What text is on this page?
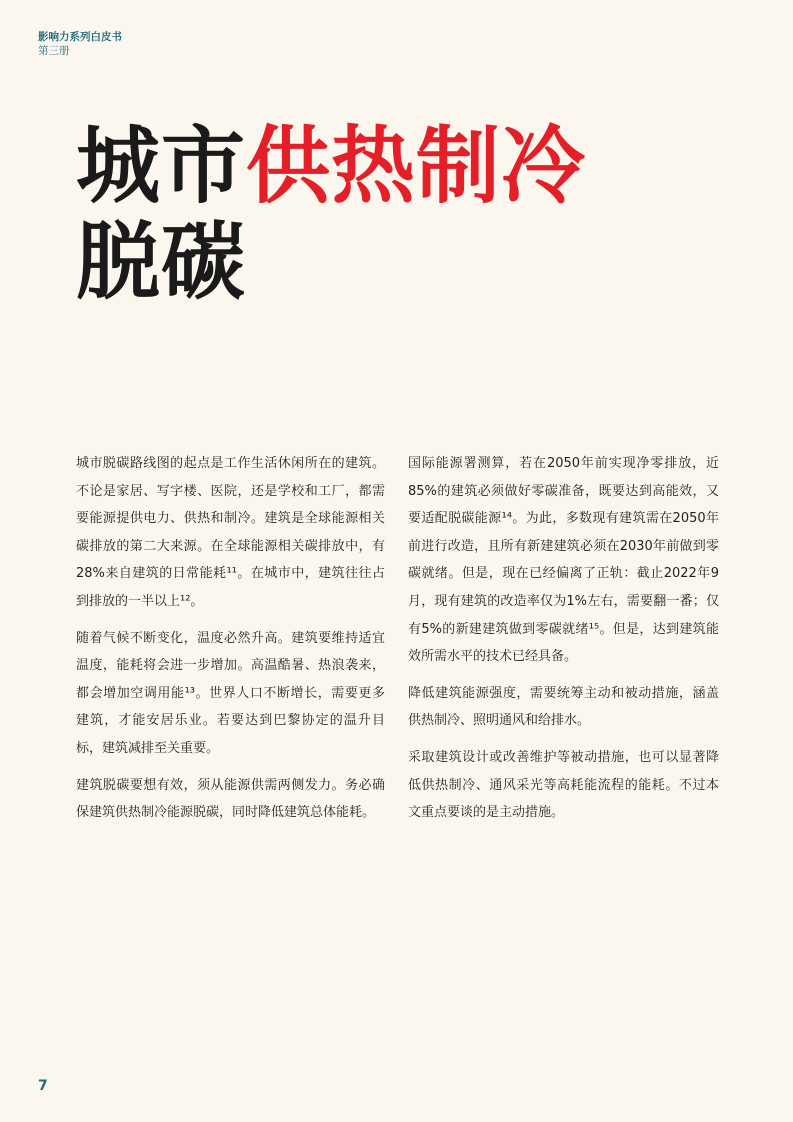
影响力系列白皮书
第三册
城市供热制冷
脱碳

城市脱碳路线图的起点是工作生活休闲所在的建筑。不论是家居、写字楼、医院，还是学校和工厂，都需要能源提供电力、供热和制冷。建筑是全球能源相关碳排放的第二大来源。在全球能源相关碳排放中，有28%来自建筑的日常能耗¹¹。在城市中，建筑往往占到排放的一半以上¹²。

随着气候不断变化，温度必然升高。建筑要维持适宜温度，能耗将会进一步增加。高温酷暑、热浪袭来，都会增加空调用能¹³。世界人口不断增长，需要更多建筑，才能安居乐业。若要达到巴黎协定的温升目标，建筑减排至关重要。

建筑脱碳要想有效，须从能源供需两侧发力。务必确保建筑供热制冷能源脱碳，同时降低建筑总体能耗。

国际能源署测算，若在2050年前实现净零排放，近85%的建筑必须做好零碳准备，既要达到高能效，又要适配脱碳能源¹⁴。为此，多数现有建筑需在2050年前进行改造，且所有新建建筑必须在2030年前做到零碳就绪。但是，现在已经偏离了正轨：截止2022年9月，现有建筑的改造率仅为1%左右，需要翻一番；仅有5%的新建建筑做到零碳就绪¹⁵。但是，达到建筑能效所需水平的技术已经具备。

降低建筑能源强度，需要统筹主动和被动措施，涵盖供热制冷、照明通风和给排水。

采取建筑设计或改善维护等被动措施，也可以显著降低供热制冷、通风采光等高耗能流程的能耗。不过本文重点要谈的是主动措施。

7
